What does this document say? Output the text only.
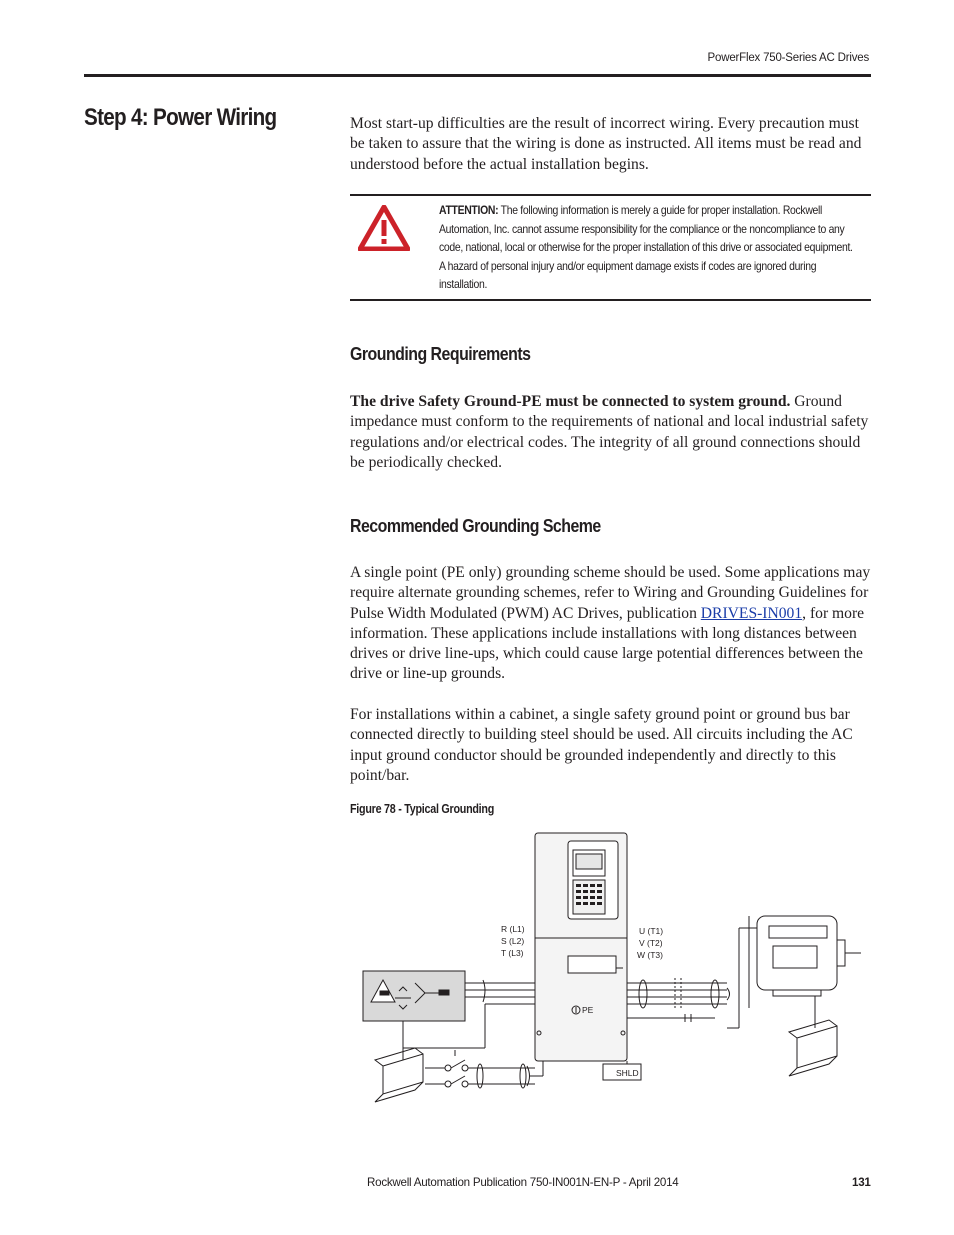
PowerFlex 750-Series AC Drives
Step 4: Power Wiring	Most start-up difficulties are the result of incorrect wiring. Every precaution must be taken to assure that the wiring is done as instructed. All items must be read and understood before the actual installation begins.
ATTENTION: The following information is merely a guide for proper installation. Rockwell Automation, Inc. cannot assume responsibility for the compliance or the noncompliance to any code, national, local or otherwise for the proper installation of this drive or associated equipment. A hazard of personal injury and/or equipment damage exists if codes are ignored during installation.
Grounding Requirements
The drive Safety Ground-PE must be connected to system ground. Ground impedance must conform to the requirements of national and local industrial safety regulations and/or electrical codes. The integrity of all ground connections should be periodically checked.
Recommended Grounding Scheme
A single point (PE only) grounding scheme should be used. Some applications may require alternate grounding schemes, refer to Wiring and Grounding Guidelines for Pulse Width Modulated (PWM) AC Drives, publication DRIVES-IN001, for more information. These applications include installations with long distances between drives or drive line-ups, which could cause large potential differences between the drive or line-up grounds.
For installations within a cabinet, a single safety ground point or ground bus bar connected directly to building steel should be used. All circuits including the AC input ground conductor should be grounded independently and directly to this point/bar.
Figure 78 - Typical Grounding
R (L1)
S (L2)
T (L3)
U (T1)
V (T2)
W (T3)
PE
SHLD
Rockwell Automation Publication 750-IN001N-EN-P - April 2014	131
